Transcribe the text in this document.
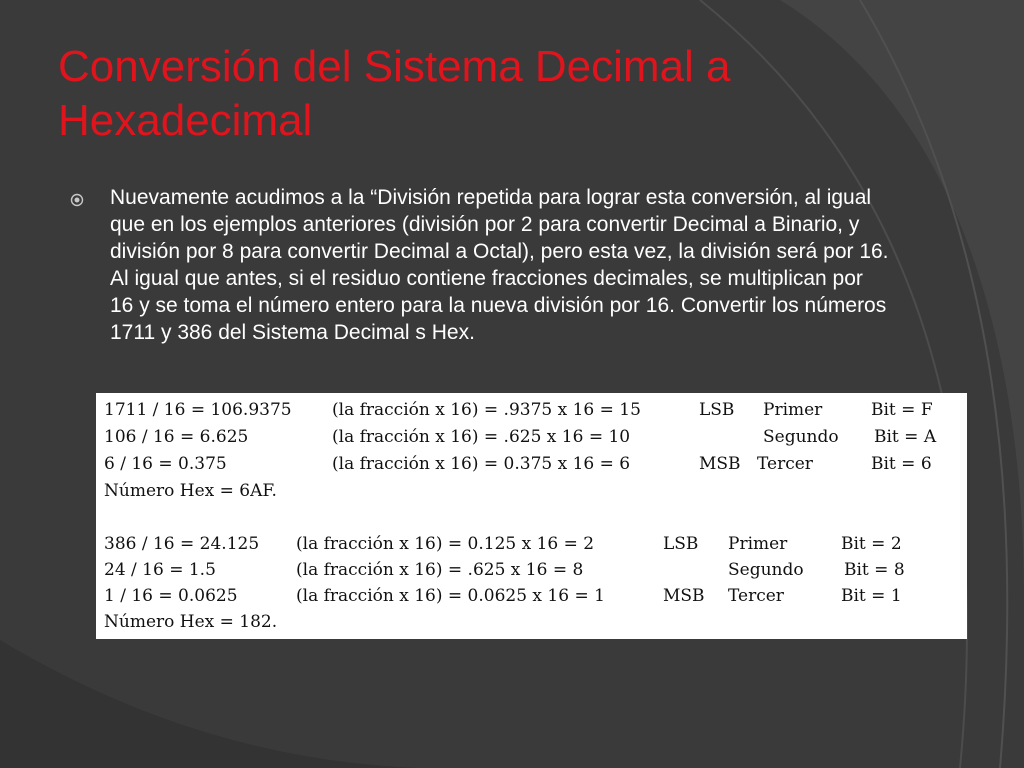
Conversión del Sistema Decimal a
Hexadecimal
Nuevamente acudimos a la “División repetida para lograr esta conversión, al igual que en los ejemplos anteriores (división por 2 para convertir Decimal a Binario, y división por 8 para convertir Decimal a Octal), pero esta vez, la división será por 16. Al igual que antes, si el residuo contiene fracciones decimales, se multiplican por 16 y se toma el número entero para la nueva división por 16. Convertir los números 1711 y 386 del Sistema Decimal s Hex.
1711 / 16 = 106.9375 (la fracción x 16) = .9375 x 16 = 15	LSB Primer	Bit = F
106 / 16 = 6.625	(la fracción x 16) = .625 x 16 = 10	Segundo Bit = A
6 / 16 = 0.375	(la fracción x 16) = 0.375 x 16 = 6	MSB Tercer	Bit = 6
Número Hex = 6AF.
386 / 16 = 24.125 (la fracción x 16) = 0.125 x 16 = 2	LSB Primer	Bit = 2
24 / 16 = 1.5	(la fracción x 16) = .625 x 16 = 8	Segundo Bit = 8
1 / 16 = 0.0625	(la fracción x 16) = 0.0625 x 16 = 1	MSB Tercer	Bit = 1
Número Hex = 182.
